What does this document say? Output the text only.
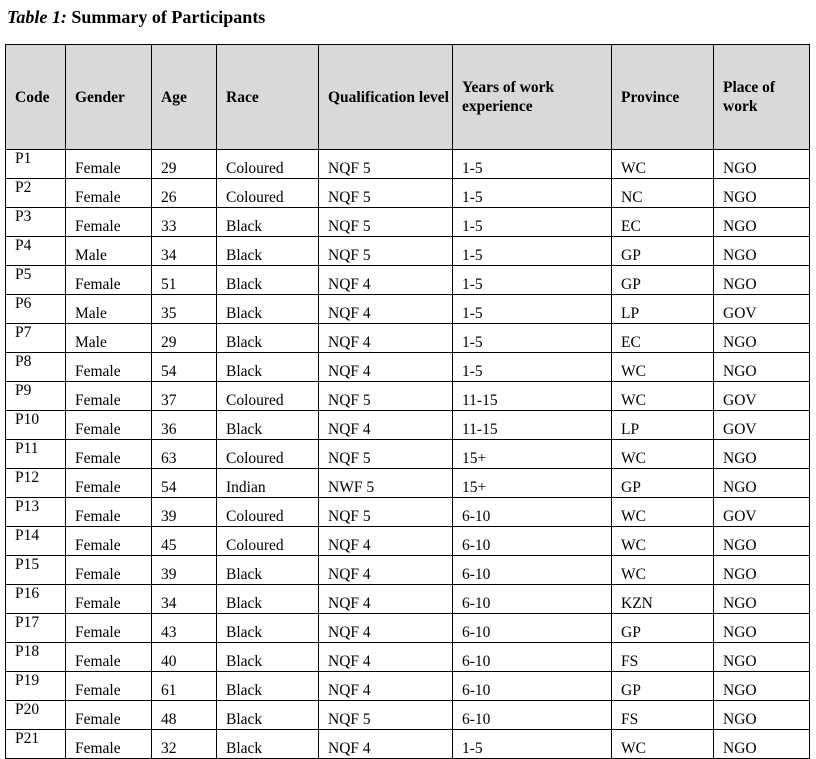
Table 1: Summary of Participants
Code	Gender	Age	Race	Qualification level	Years of work experience	Province	Place of work
P1	Female	29	Coloured	NQF 5	1-5	WC	NGO
P2	Female	26	Coloured	NQF 5	1-5	NC	NGO
P3	Female	33	Black	NQF 5	1-5	EC	NGO
P4	Male	34	Black	NQF 5	1-5	GP	NGO
P5	Female	51	Black	NQF 4	1-5	GP	NGO
P6	Male	35	Black	NQF 4	1-5	LP	GOV
P7	Male	29	Black	NQF 4	1-5	EC	NGO
P8	Female	54	Black	NQF 4	1-5	WC	NGO
P9	Female	37	Coloured	NQF 5	11-15	WC	GOV
P10	Female	36	Black	NQF 4	11-15	LP	GOV
P11	Female	63	Coloured	NQF 5	15+	WC	NGO
P12	Female	54	Indian	NWF 5	15+	GP	NGO
P13	Female	39	Coloured	NQF 5	6-10	WC	GOV
P14	Female	45	Coloured	NQF 4	6-10	WC	NGO
P15	Female	39	Black	NQF 4	6-10	WC	NGO
P16	Female	34	Black	NQF 4	6-10	KZN	NGO
P17	Female	43	Black	NQF 4	6-10	GP	NGO
P18	Female	40	Black	NQF 4	6-10	FS	NGO
P19	Female	61	Black	NQF 4	6-10	GP	NGO
P20	Female	48	Black	NQF 5	6-10	FS	NGO
P21	Female	32	Black	NQF 4	1-5	WC	NGO
